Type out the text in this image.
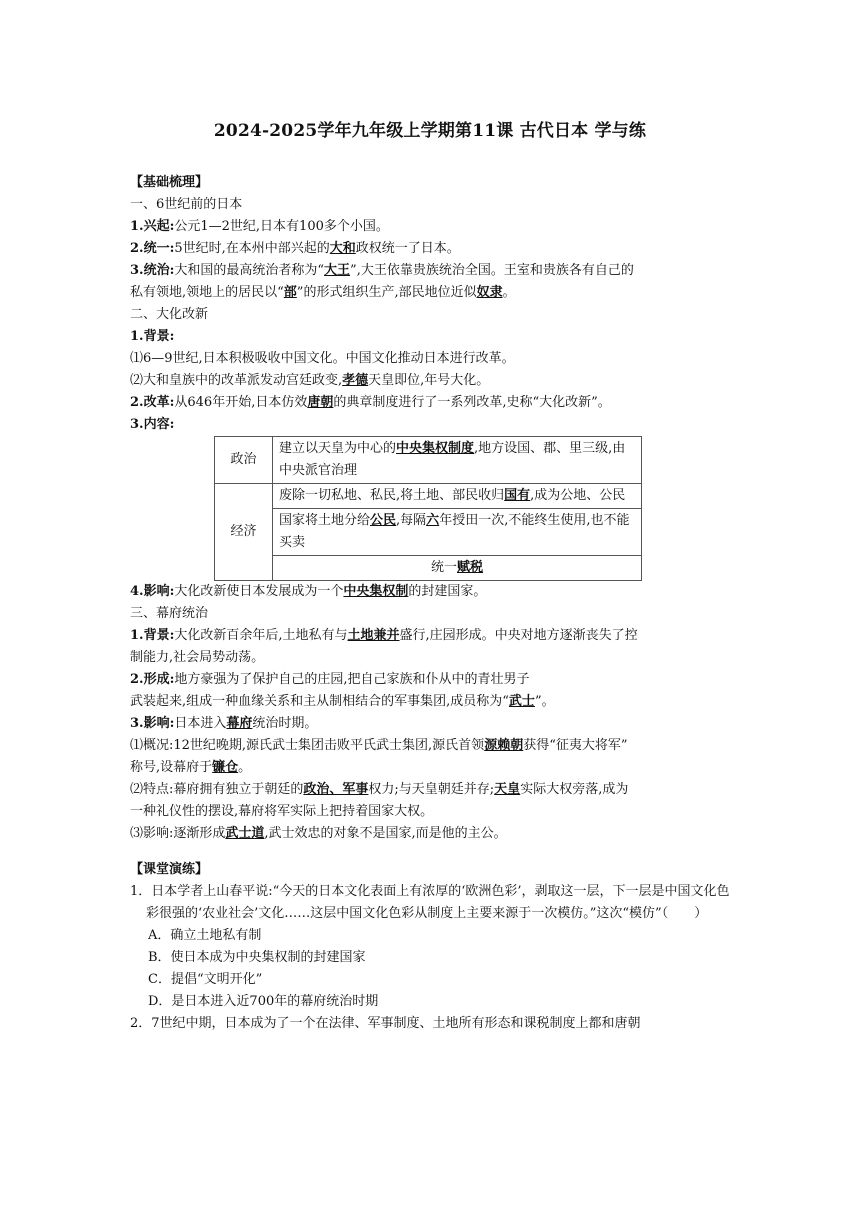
2024-2025学年九年级上学期第11课 古代日本 学与练
【基础梳理】
一、6世纪前的日本
1.兴起:公元1—2世纪,日本有100多个小国。
2.统一:5世纪时,在本州中部兴起的大和政权统一了日本。
3.统治:大和国的最高统治者称为“大王”,大王依靠贵族统治全国。王室和贵族各有自己的
私有领地,领地上的居民以“部”的形式组织生产,部民地位近似奴隶。
二、大化改新
1.背景:
⑴6—9世纪,日本积极吸收中国文化。中国文化推动日本进行改革。
⑵大和皇族中的改革派发动宫廷政变,孝德天皇即位,年号大化。
2.改革:从646年开始,日本仿效唐朝的典章制度进行了一系列改革,史称“大化改新”。
3.内容:
政治	建立以天皇为中心的中央集权制度,地方设国、郡、里三级,由中央派官治理
经济	废除一切私地、私民,将土地、部民收归国有,成为公地、公民
	国家将土地分给公民,每隔六年授田一次,不能终生使用,也不能买卖
	统一赋税
4.影响:大化改新使日本发展成为一个中央集权制的封建国家。
三、幕府统治
1.背景:大化改新百余年后,土地私有与土地兼并盛行,庄园形成。中央对地方逐渐丧失了控
制能力,社会局势动荡。
2.形成:地方豪强为了保护自己的庄园,把自己家族和仆从中的青壮男子
武装起来,组成一种血缘关系和主从制相结合的军事集团,成员称为“武士”。
3.影响:日本进入幕府统治时期。
⑴概况:12世纪晚期,源氏武士集团击败平氏武士集团,源氏首领源赖朝获得“征夷大将军”
称号,设幕府于镰仓。
⑵特点:幕府拥有独立于朝廷的政治、军事权力;与天皇朝廷并存;天皇实际大权旁落,成为
一种礼仪性的摆设,幕府将军实际上把持着国家大权。
⑶影响:逐渐形成武士道,武士效忠的对象不是国家,而是他的主公。
【课堂演练】
1．日本学者上山春平说:“今天的日本文化表面上有浓厚的‘欧洲色彩’，剥取这一层，下一层是中国文化色彩很强的‘农业社会’文化……这层中国文化色彩从制度上主要来源于一次模仿。”这次“模仿”（　　）
A．确立土地私有制
B．使日本成为中央集权制的封建国家
C．提倡“文明开化”
D．是日本进入近700年的幕府统治时期
2．7世纪中期，日本成为了一个在法律、军事制度、土地所有形态和课税制度上都和唐朝
